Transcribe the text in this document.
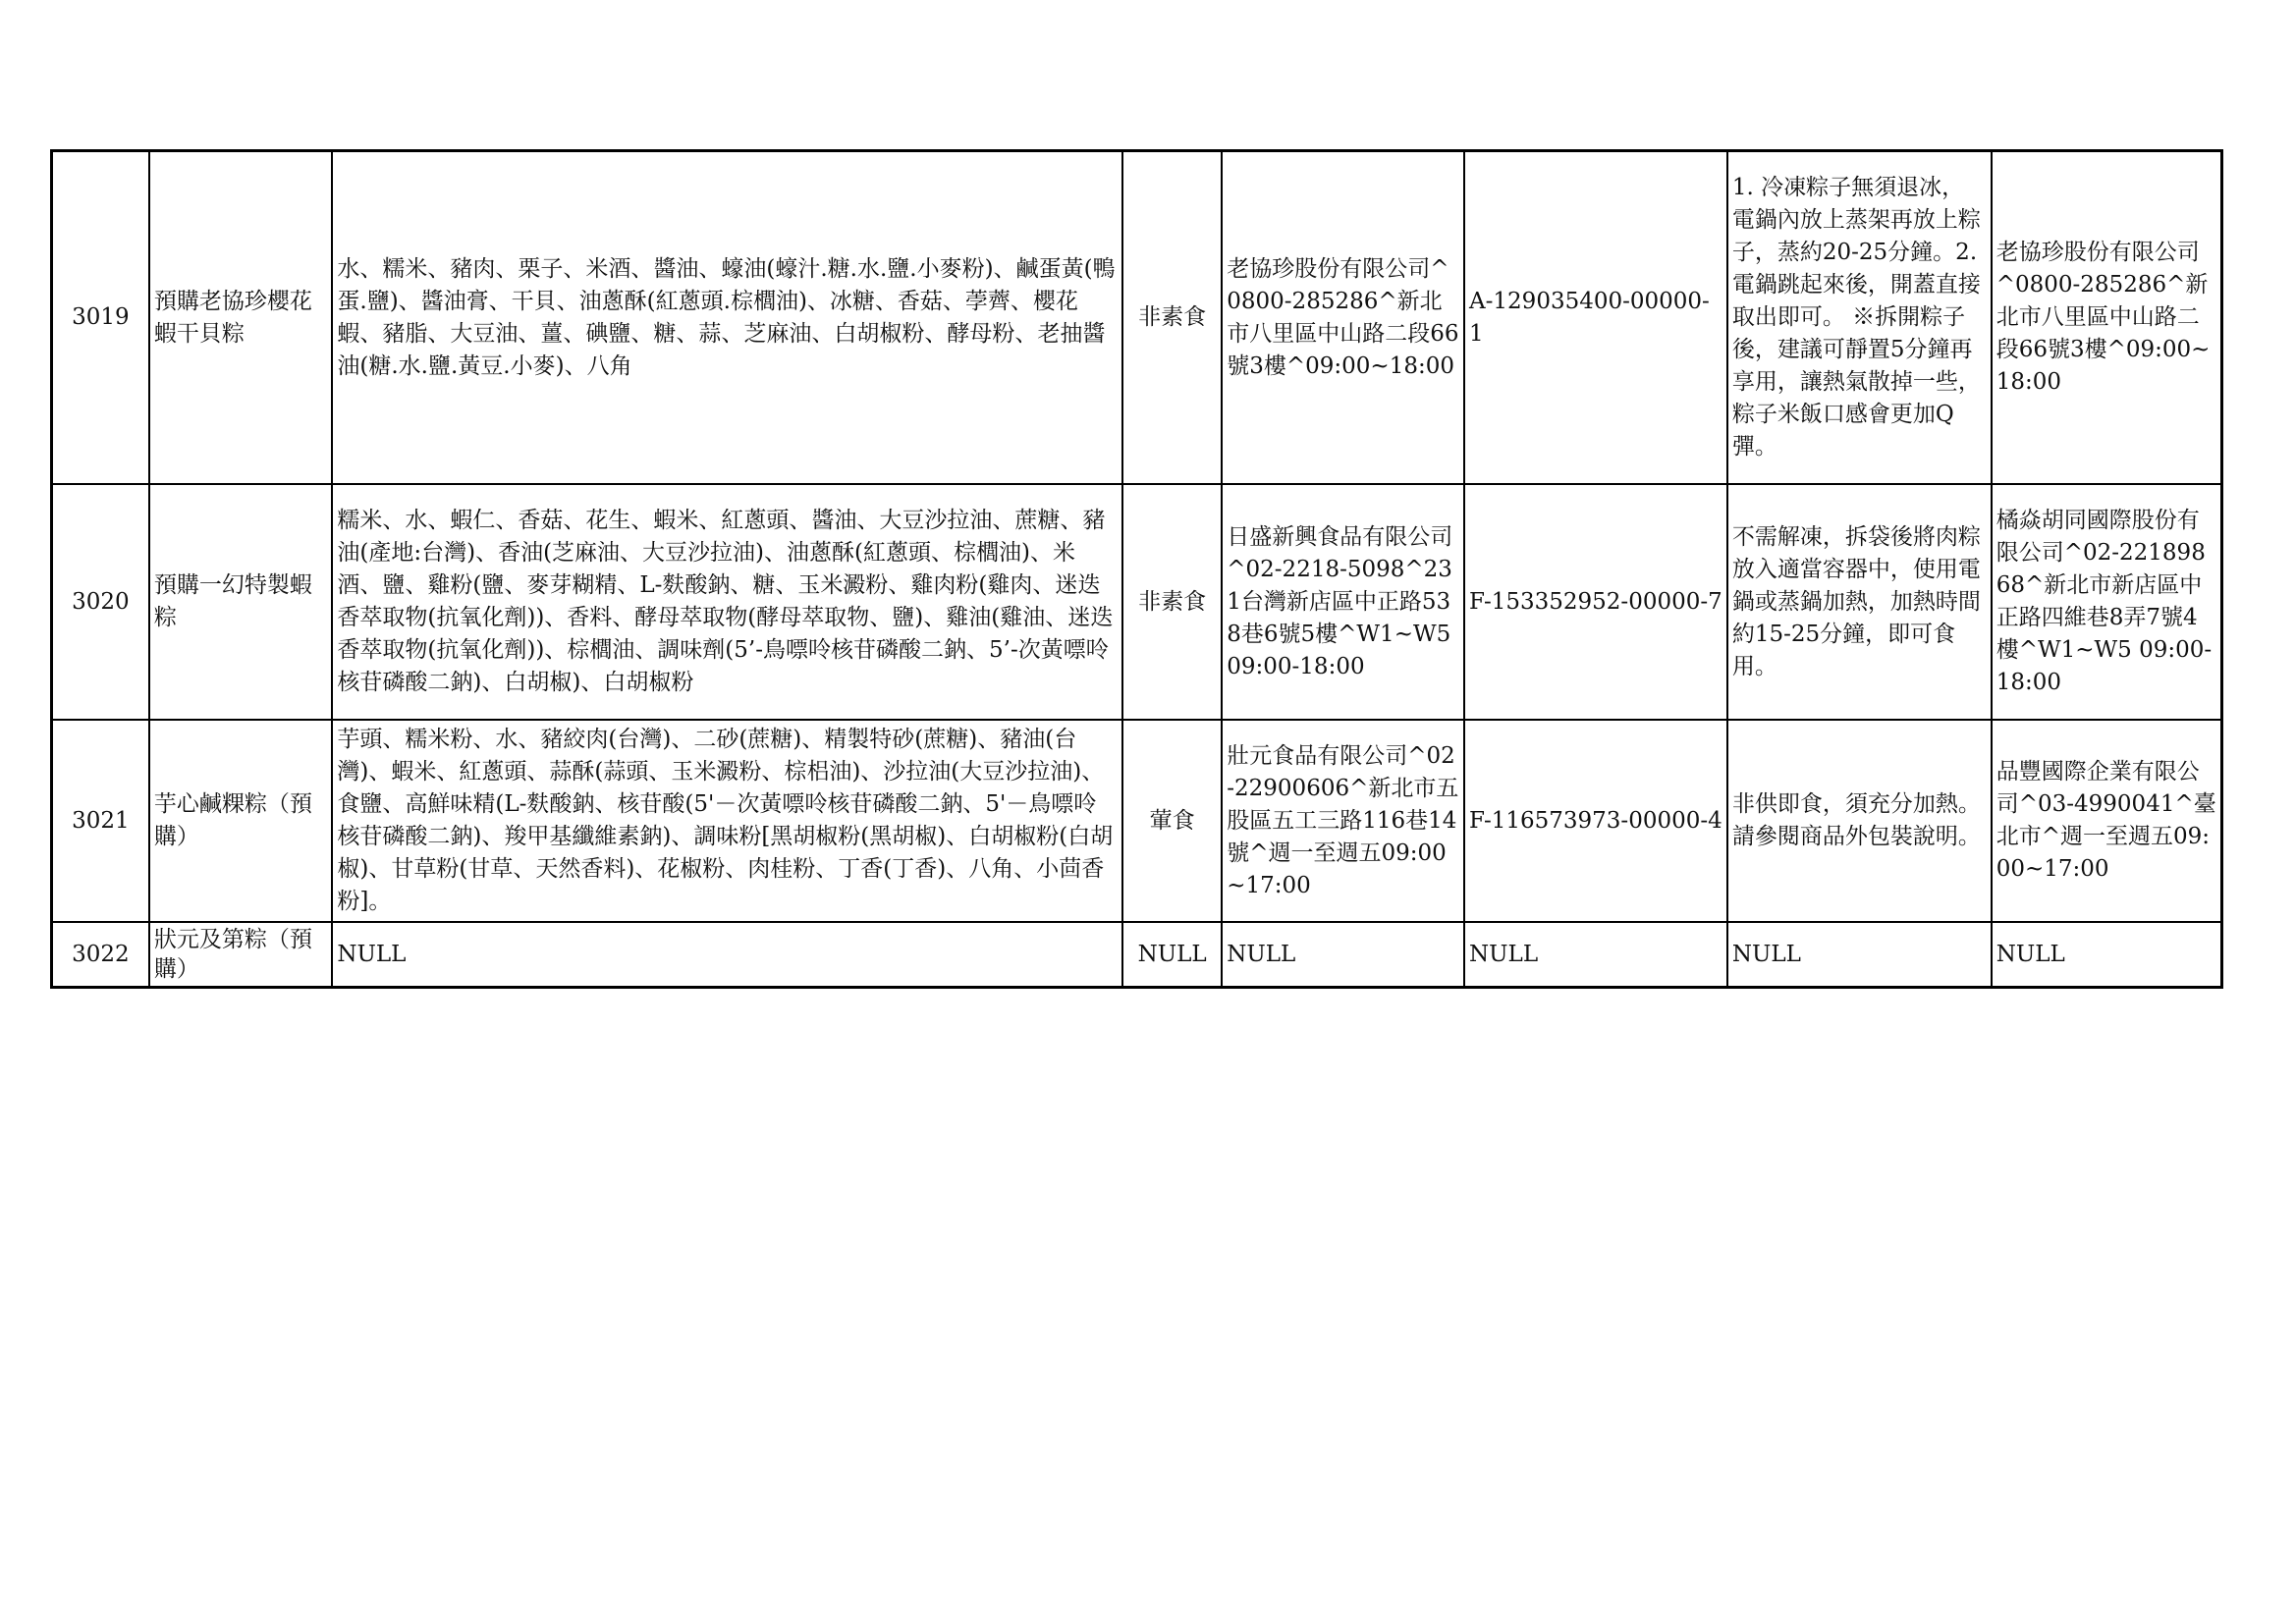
3019	預購老協珍櫻花蝦干貝粽	水、糯米、豬肉、栗子、米酒、醬油、蠔油(蠔汁.糖.水.鹽.小麥粉)、鹹蛋黃(鴨蛋.鹽)、醬油膏、干貝、油蔥酥(紅蔥頭.棕櫚油)、冰糖、香菇、荸薺、櫻花蝦、豬脂、大豆油、薑、碘鹽、糖、蒜、芝麻油、白胡椒粉、酵母粉、老抽醬油(糖.水.鹽.黃豆.小麥)、八角	非素食	老協珍股份有限公司^0800-285286^新北市八里區中山路二段66號3樓^09:00~18:00	A-129035400-00000-1	1. 冷凍粽子無須退冰，電鍋內放上蒸架再放上粽子，蒸約20-25分鐘。2. 電鍋跳起來後，開蓋直接取出即可。 ※拆開粽子後，建議可靜置5分鐘再享用，讓熱氣散掉一些，粽子米飯口感會更加Q彈。	老協珍股份有限公司^0800-285286^新北市八里區中山路二段66號3樓^09:00~18:00
3020	預購一幻特製蝦粽	糯米、水、蝦仁、香菇、花生、蝦米、紅蔥頭、醬油、大豆沙拉油、蔗糖、豬油(產地:台灣)、香油(芝麻油、大豆沙拉油)、油蔥酥(紅蔥頭、棕櫚油)、米酒、鹽、雞粉(鹽、麥芽糊精、L-麩酸鈉、糖、玉米澱粉、雞肉粉(雞肉、迷迭香萃取物(抗氧化劑))、香料、酵母萃取物(酵母萃取物、鹽)、雞油(雞油、迷迭香萃取物(抗氧化劑))、棕櫚油、調味劑(5’-鳥嘌呤核苷磷酸二鈉、5’-次黃嘌呤核苷磷酸二鈉)、白胡椒)、白胡椒粉	非素食	日盛新興食品有限公司^02-2218-5098^231台灣新店區中正路538巷6號5樓^W1~W5 09:00-18:00	F-153352952-00000-7	不需解凍，拆袋後將肉粽放入適當容器中，使用電鍋或蒸鍋加熱，加熱時間約15-25分鐘，即可食用。	橘焱胡同國際股份有限公司^02-22189868^新北市新店區中正路四維巷8弄7號4樓^W1~W5 09:00-18:00
3021	芋心鹹粿粽（預購）	芋頭、糯米粉、水、豬絞肉(台灣)、二砂(蔗糖)、精製特砂(蔗糖)、豬油(台灣)、蝦米、紅蔥頭、蒜酥(蒜頭、玉米澱粉、棕梠油)、沙拉油(大豆沙拉油)、食鹽、高鮮味精(L-麩酸鈉、核苷酸(5'－次黃嘌呤核苷磷酸二鈉、5'－鳥嘌呤核苷磷酸二鈉)、羧甲基纖維素鈉)、調味粉[黑胡椒粉(黑胡椒)、白胡椒粉(白胡椒)、甘草粉(甘草、天然香料)、花椒粉、肉桂粉、丁香(丁香)、八角、小茴香粉]。	葷食	壯元食品有限公司^02-22900606^新北市五股區五工三路116巷14號^週一至週五09:00~17:00	F-116573973-00000-4	非供即食，須充分加熱。請參閱商品外包裝說明。	品豐國際企業有限公司^03-4990041^臺北市^週一至週五09:00~17:00
3022	狀元及第粽（預購）	NULL	NULL	NULL	NULL	NULL	NULL
